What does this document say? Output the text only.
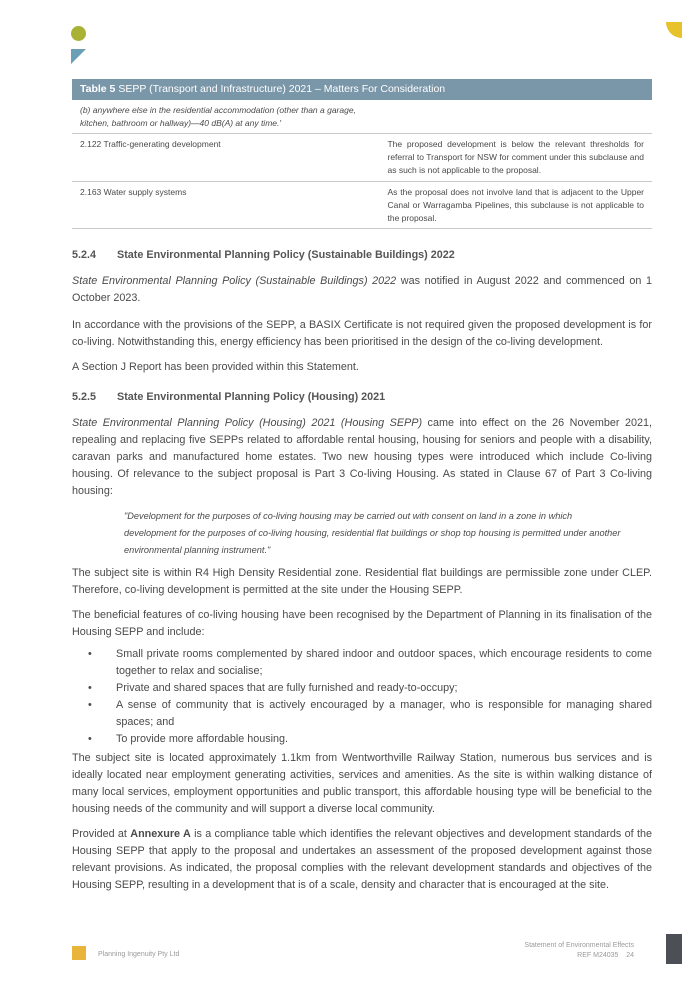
Table 5 SEPP (Transport and Infrastructure) 2021 – Matters For Consideration
(b) anywhere else in the residential accommodation (other than a garage, kitchen, bathroom or hallway)—40 dB(A) at any time.'
2.122 Traffic-generating development	The proposed development is below the relevant thresholds for referral to Transport for NSW for comment under this subclause and as such is not applicable to the proposal.
2.163 Water supply systems	As the proposal does not involve land that is adjacent to the Upper Canal or Warragamba Pipelines, this subclause is not applicable to the proposal.
5.2.4 State Environmental Planning Policy (Sustainable Buildings) 2022

State Environmental Planning Policy (Sustainable Buildings) 2022 was notified in August 2022 and commenced on 1 October 2023.

In accordance with the provisions of the SEPP, a BASIX Certificate is not required given the proposed development is for co-living. Notwithstanding this, energy efficiency has been prioritised in the design of the co-living development.

A Section J Report has been provided within this Statement.

5.2.5 State Environmental Planning Policy (Housing) 2021

State Environmental Planning Policy (Housing) 2021 (Housing SEPP) came into effect on the 26 November 2021, repealing and replacing five SEPPs related to affordable rental housing, housing for seniors and people with a disability, caravan parks and manufactured home estates. Two new housing types were introduced which include Co-living housing. Of relevance to the subject proposal is Part 3 Co-living Housing. As stated in Clause 67 of Part 3 Co-living housing:

"Development for the purposes of co-living housing may be carried out with consent on land in a zone in which development for the purposes of co-living housing, residential flat buildings or shop top housing is permitted under another environmental planning instrument."

The subject site is within R4 High Density Residential zone. Residential flat buildings are permissible zone under CLEP. Therefore, co-living development is permitted at the site under the Housing SEPP.

The beneficial features of co-living housing have been recognised by the Department of Planning in its finalisation of the Housing SEPP and include:

• Small private rooms complemented by shared indoor and outdoor spaces, which encourage residents to come together to relax and socialise;
• Private and shared spaces that are fully furnished and ready-to-occupy;
• A sense of community that is actively encouraged by a manager, who is responsible for managing shared spaces; and
• To provide more affordable housing.

The subject site is located approximately 1.1km from Wentworthville Railway Station, numerous bus services and is ideally located near employment generating activities, services and amenities. As the site is within walking distance of many local services, employment opportunities and public transport, this affordable housing type will be beneficial to the housing needs of the community and will support a diverse local community.

Provided at Annexure A is a compliance table which identifies the relevant objectives and development standards of the Housing SEPP that apply to the proposal and undertakes an assessment of the proposed development against those relevant provisions. As indicated, the proposal complies with the relevant development standards and objectives of the Housing SEPP, resulting in a development that is of a scale, density and character that is encouraged at the site.

Planning Ingenuity Pty Ltd
Statement of Environmental Effects
REF M24035 24
